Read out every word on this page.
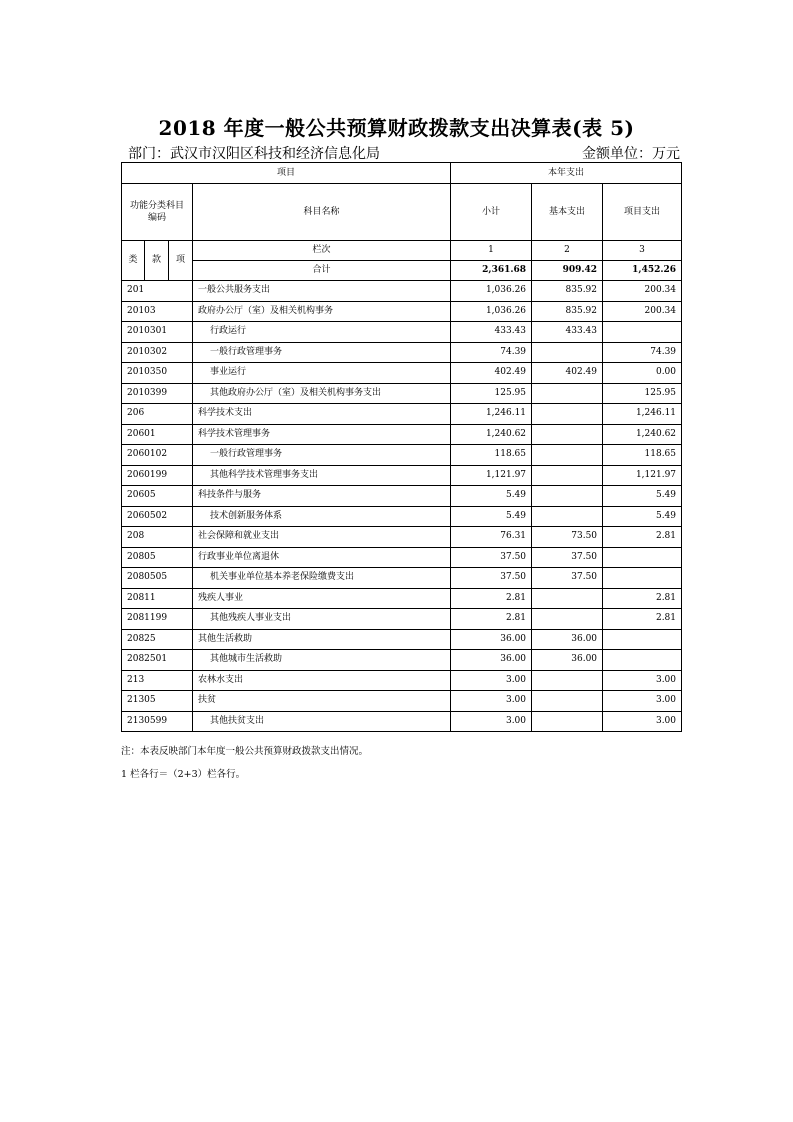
2018 年度一般公共预算财政拨款支出决算表(表 5)
部门：武汉市汉阳区科技和经济信息化局	金额单位：万元
项目				本年支出		
功能分类科目编码			科目名称	小计	基本支出	项目支出
类	款	项	栏次	1	2	3
			合计	2,361.68	909.42	1,452.26
201			一般公共服务支出	1,036.26	835.92	200.34
20103			政府办公厅（室）及相关机构事务	1,036.26	835.92	200.34
2010301			行政运行	433.43	433.43	
2010302			一般行政管理事务	74.39		74.39
2010350			事业运行	402.49	402.49	0.00
2010399			其他政府办公厅（室）及相关机构事务支出	125.95		125.95
206			科学技术支出	1,246.11		1,246.11
20601			科学技术管理事务	1,240.62		1,240.62
2060102			一般行政管理事务	118.65		118.65
2060199			其他科学技术管理事务支出	1,121.97		1,121.97
20605			科技条件与服务	5.49		5.49
2060502			技术创新服务体系	5.49		5.49
208			社会保障和就业支出	76.31	73.50	2.81
20805			行政事业单位离退休	37.50	37.50	
2080505			机关事业单位基本养老保险缴费支出	37.50	37.50	
20811			残疾人事业	2.81		2.81
2081199			其他残疾人事业支出	2.81		2.81
20825			其他生活救助	36.00	36.00	
2082501			其他城市生活救助	36.00	36.00	
213			农林水支出	3.00		3.00
21305			扶贫	3.00		3.00
2130599			其他扶贫支出	3.00		3.00
注：本表反映部门本年度一般公共预算财政拨款支出情况。
1 栏各行＝（2+3）栏各行。
